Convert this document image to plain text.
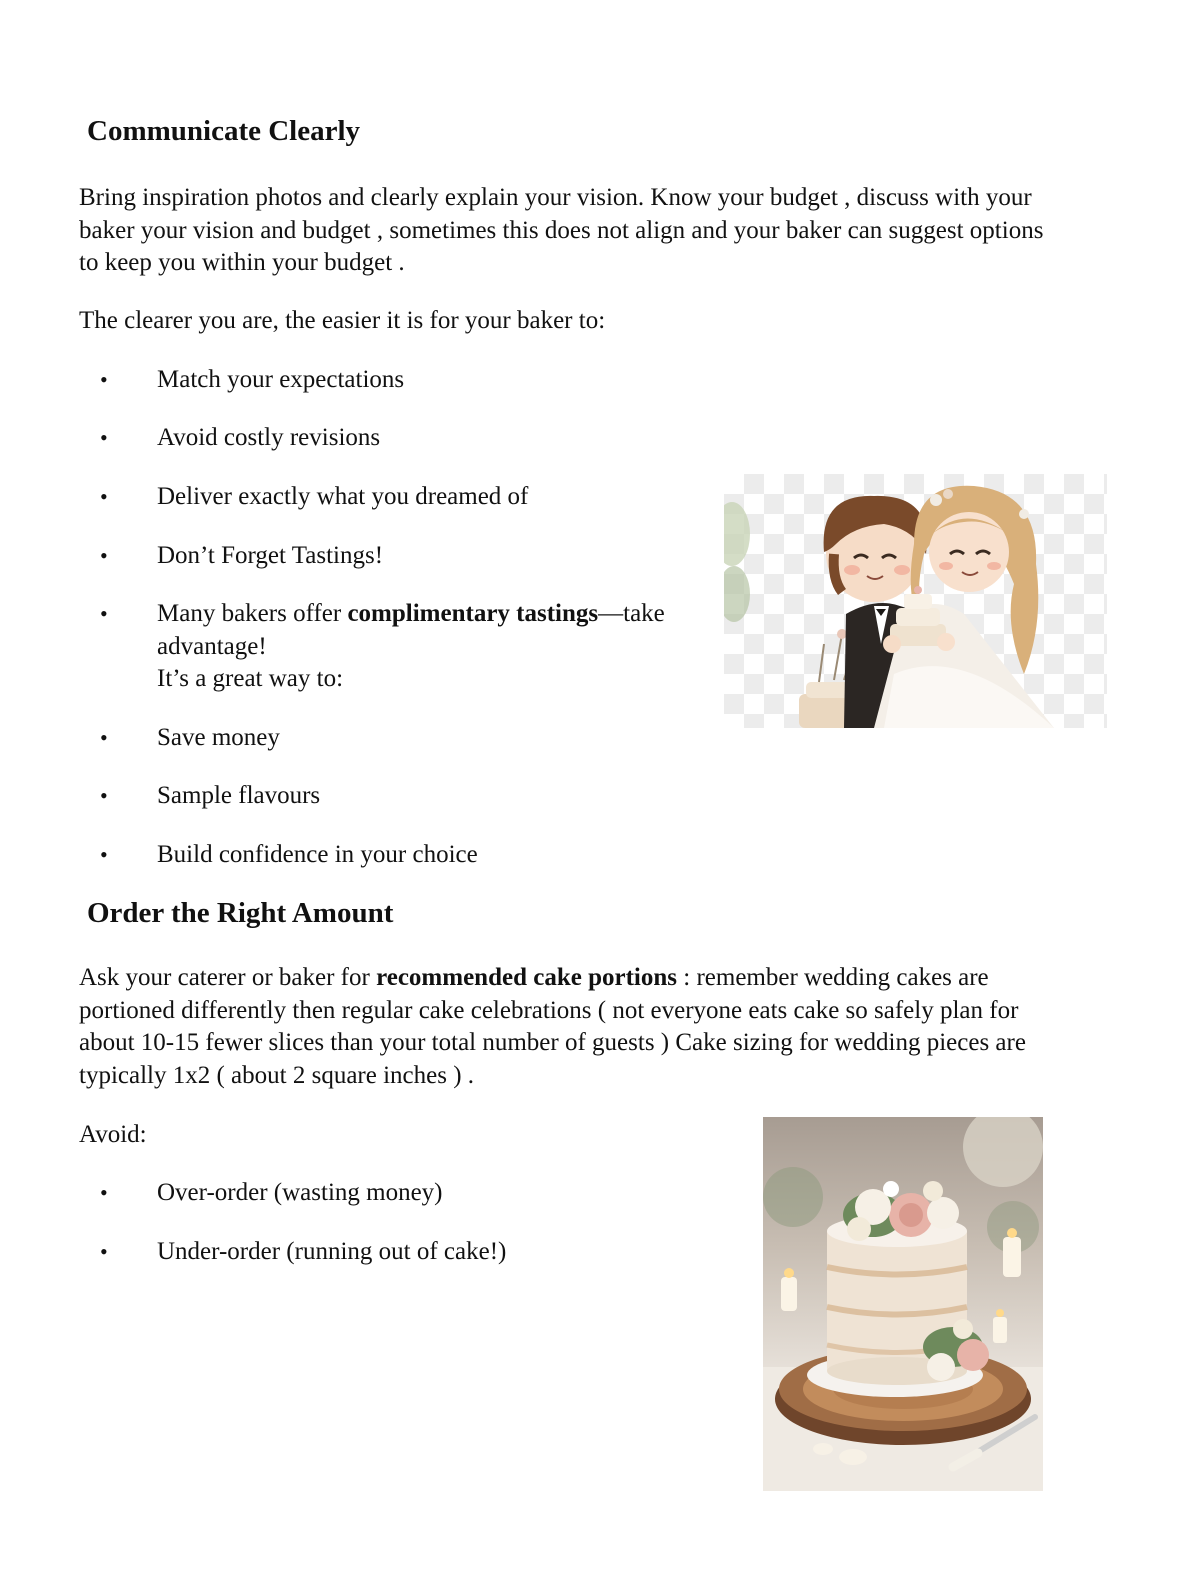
Communicate Clearly

Bring inspiration photos and clearly explain your vision. Know your budget , discuss with your
baker your vision and budget , sometimes this does not align and your baker can suggest options
to keep you within your budget .

The clearer you are, the easier it is for your baker to:

• Match your expectations
• Avoid costly revisions
• Deliver exactly what you dreamed of
• Don’t Forget Tastings!
• Many bakers offer complimentary tastings—take
advantage!
It’s a great way to:
• Save money
• Sample flavours
• Build confidence in your choice
Order the Right Amount

Ask your caterer or baker for recommended cake portions : remember wedding cakes are
portioned differently then regular cake celebrations ( not everyone eats cake so safely plan for
about 10-15 fewer slices than your total number of guests ) Cake sizing for wedding pieces are
typically 1x2 ( about 2 square inches ) .

Avoid:

• Over-order (wasting money)
• Under-order (running out of cake!)
